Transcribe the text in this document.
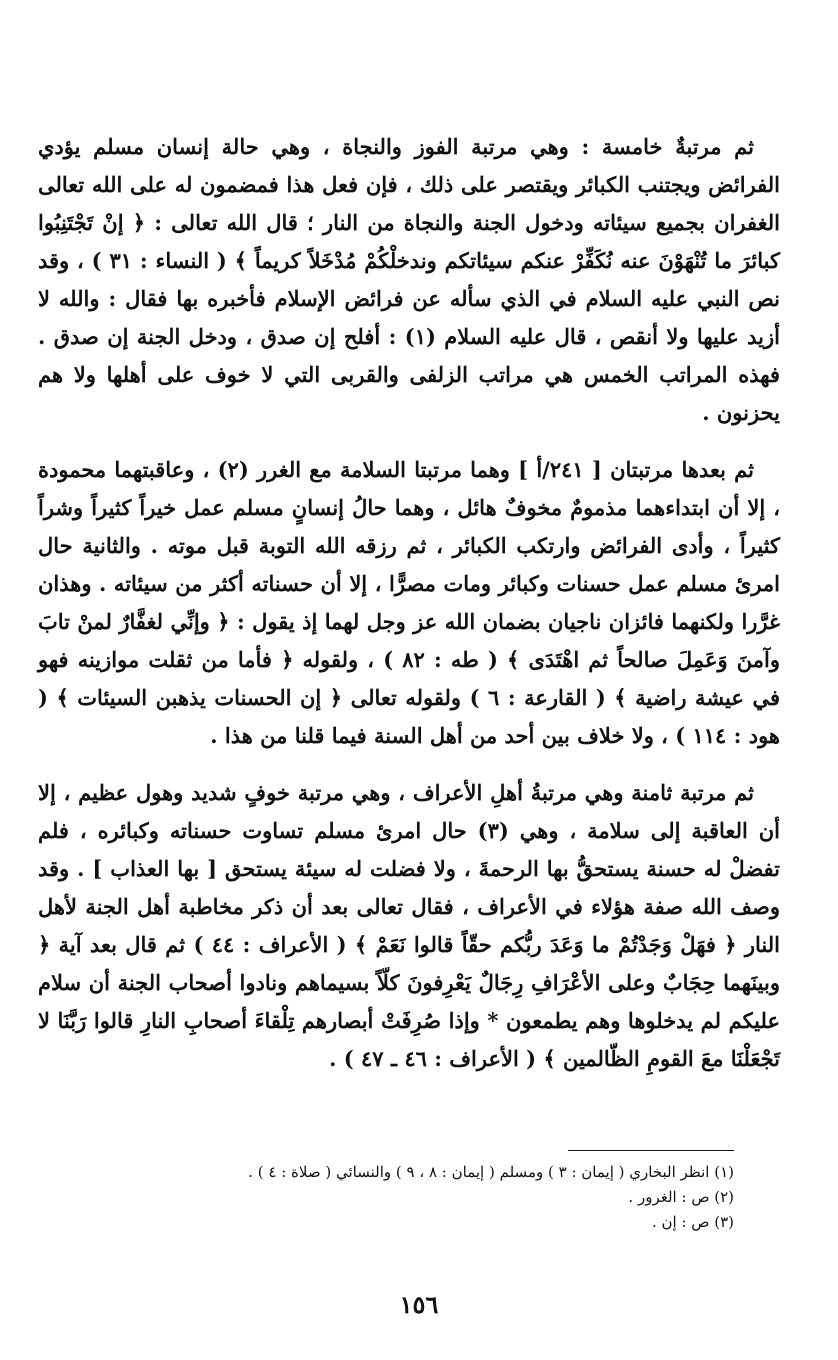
ثم مرتبةٌ خامسة : وهي مرتبة الفوز والنجاة ، وهي حالة إنسان مسلم يؤدي الفرائض ويجتنب الكبائر ويقتصر على ذلك ، فإن فعل هذا فمضمون له على الله تعالى الغفران بجميع سيئاته ودخول الجنة والنجاة من النار ؛ قال الله تعالى : ﴿ إنْ تَجْتَنِبُوا كبائرَ ما تُنْهَوْنَ عنه نُكَفِّرْ عنكم سيئاتكم وندخلْكُمْ مُدْخَلاً كريماً ﴾ ( النساء : ٣١ ) ، وقد نص النبي عليه السلام في الذي سأله عن فرائض الإسلام فأخبره بها فقال : والله لا أزيد عليها ولا أنقص ، قال عليه السلام (١) : أفلح إن صدق ، ودخل الجنة إن صدق . فهذه المراتب الخمس هي مراتب الزلفى والقربى التي لا خوف على أهلها ولا هم يحزنون .

ثم بعدها مرتبتان [ ٢٤١/أ ] وهما مرتبتا السلامة مع الغرر (٢) ، وعاقبتهما محمودة ، إلا أن ابتداءهما مذمومٌ مخوفٌ هائل ، وهما حالُ إنسانٍ مسلم عمل خيراً كثيراً وشراً كثيراً ، وأدى الفرائض وارتكب الكبائر ، ثم رزقه الله التوبة قبل موته . والثانية حال امرئ مسلم عمل حسنات وكبائر ومات مصرًّا ، إلا أن حسناته أكثر من سيئاته . وهذان غرَّرا ولكنهما فائزان ناجيان بضمان الله عز وجل لهما إذ يقول : ﴿ وإنِّي لغفَّارٌ لمنْ تابَ وآمنَ وَعَمِلَ صالحاً ثم اهْتَدَى ﴾ ( طه : ٨٢ ) ، ولقوله ﴿ فأما من ثقلت موازينه فهو في عيشة راضية ﴾ ( القارعة : ٦ ) ولقوله تعالى ﴿ إن الحسنات يذهبن السيئات ﴾ ( هود : ١١٤ ) ، ولا خلاف بين أحد من أهل السنة فيما قلنا من هذا .

ثم مرتبة ثامنة وهي مرتبةُ أهلِ الأعراف ، وهي مرتبة خوفٍ شديد وهول عظيم ، إلا أن العاقبة إلى سلامة ، وهي (٣) حال امرئ مسلم تساوت حسناته وكبائره ، فلم تفضلْ له حسنة يستحقُّ بها الرحمةَ ، ولا فضلت له سيئة يستحق [ بها العذاب ] . وقد وصف الله صفة هؤلاء في الأعراف ، فقال تعالى بعد أن ذكر مخاطبة أهل الجنة لأهل النار ﴿ فهَلْ وَجَدْتُمْ ما وَعَدَ ربُّكم حقّاً قالوا نَعَمْ ﴾ ( الأعراف : ٤٤ ) ثم قال بعد آية ﴿ وبينَهما حِجَابٌ وعلى الأعْرَافِ رِجَالٌ يَعْرِفونَ كلّاً بسيماهم ونادوا أصحاب الجنة أن سلام عليكم لم يدخلوها وهم يطمعون * وإذا صُرِفَتْ أبصارهم تِلْقاءَ أصحابِ النارِ قالوا رَبَّنَا لا تَجْعَلْنَا معَ القومِ الظّالمين ﴾ ( الأعراف : ٤٦ ـ ٤٧ ) .

(١) انظر البخاري ( إيمان : ٣ ) ومسلم ( إيمان : ٨ ، ٩ ) والنسائي ( صلاة : ٤ ) .

(٢) ص : الغرور .

(٣) ص : إن .

١٥٦
